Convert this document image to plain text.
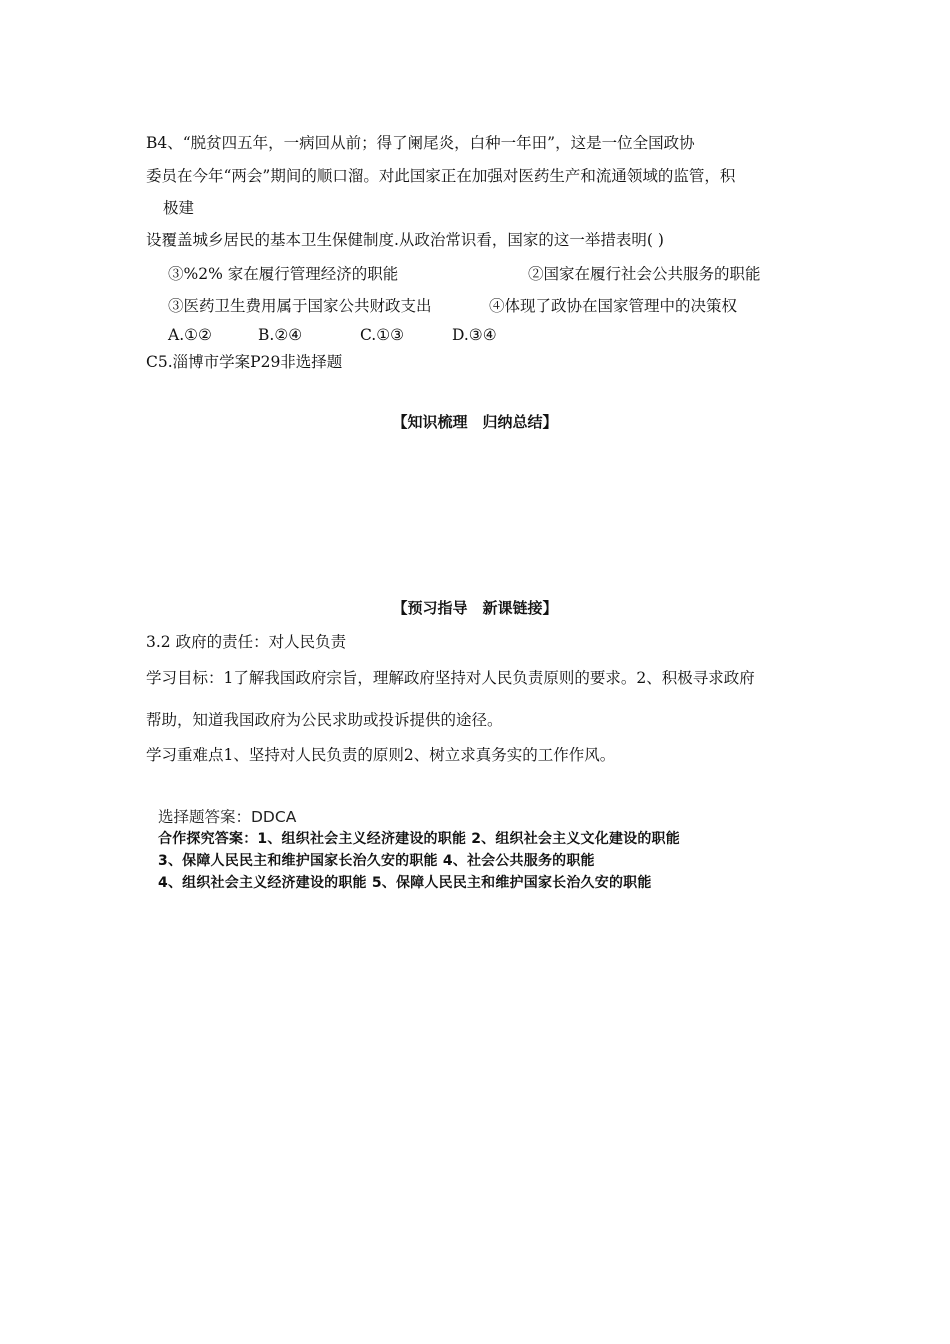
B4、“脱贫四五年，一病回从前；得了阑尾炎，白种一年田”，这是一位全国政协
委员在今年“两会”期间的顺口溜。对此国家正在加强对医药生产和流通领域的监管，积
极建
设覆盖城乡居民的基本卫生保健制度.从政治常识看，国家的这一举措表明( )
③%2% 家在履行管理经济的职能	②国家在履行社会公共服务的职能
③医药卫生费用属于国家公共财政支出	④体现了政协在国家管理中的决策权
A.①②	B.②④	C.①③	D.③④
C5.淄博市学案P29非选择题
【知识梳理　归纳总结】
【预习指导　新课链接】
3.2 政府的责任：对人民负责
学习目标：1了解我国政府宗旨，理解政府坚持对人民负责原则的要求。2、积极寻求政府
帮助，知道我国政府为公民求助或投诉提供的途径。
学习重难点1、坚持对人民负责的原则2、树立求真务实的工作作风。
选择题答案：DDCA
合作探究答案：1、组织社会主义经济建设的职能 2、组织社会主义文化建设的职能
3、保障人民民主和维护国家长治久安的职能 4、社会公共服务的职能
4、组织社会主义经济建设的职能 5、保障人民民主和维护国家长治久安的职能
